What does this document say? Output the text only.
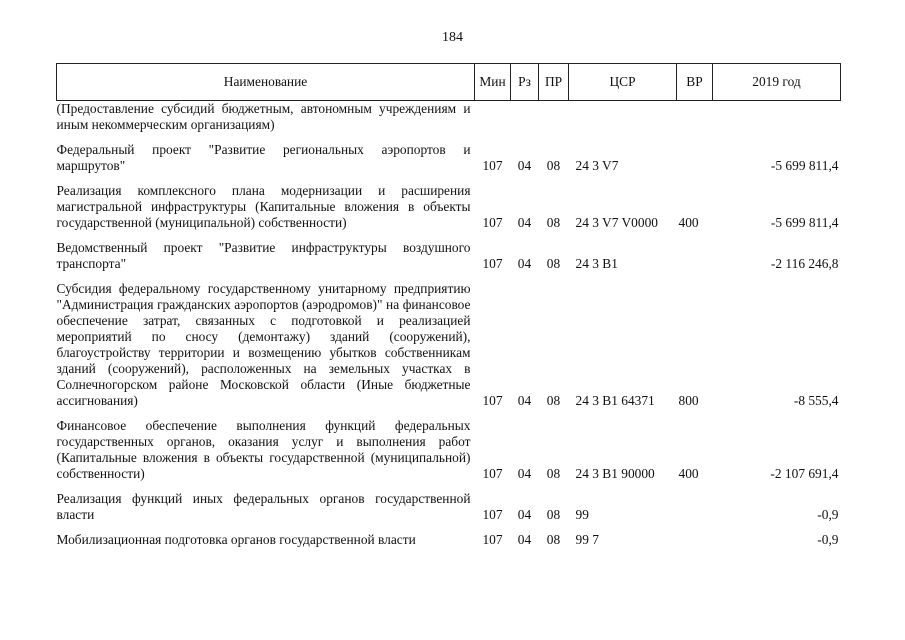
184
Наименование	Мин	Рз	ПР	ЦСР	ВР	2019 год
(Предоставление субсидий бюджетным, автономным учреждениям и иным некоммерческим организациям)						

Федеральный проект "Развитие региональных аэропортов и маршрутов"	107	04	08	24 3 V7		-5 699 811,4

Реализация комплексного плана модернизации и расширения магистральной инфраструктуры (Капитальные вложения в объекты государственной (муниципальной) собственности)	107	04	08	24 3 V7 V0000	400	-5 699 811,4

Ведомственный проект "Развитие инфраструктуры воздушного транспорта"	107	04	08	24 3 B1		-2 116 246,8

Субсидия федеральному государственному унитарному предприятию "Администрация гражданских аэропортов (аэродромов)" на финансовое обеспечение затрат, связанных с подготовкой и реализацией мероприятий по сносу (демонтажу) зданий (сооружений), благоустройству территории и возмещению убытков собственникам зданий (сооружений), расположенных на земельных участках в Солнечногорском районе Московской области (Иные бюджетные ассигнования)	107	04	08	24 3 B1 64371	800	-8 555,4

Финансовое обеспечение выполнения функций федеральных государственных органов, оказания услуг и выполнения работ (Капитальные вложения в объекты государственной (муниципальной) собственности)	107	04	08	24 3 B1 90000	400	-2 107 691,4

Реализация функций иных федеральных органов государственной власти	107	04	08	99		-0,9

Мобилизационная подготовка органов государственной власти	107	04	08	99 7		-0,9
